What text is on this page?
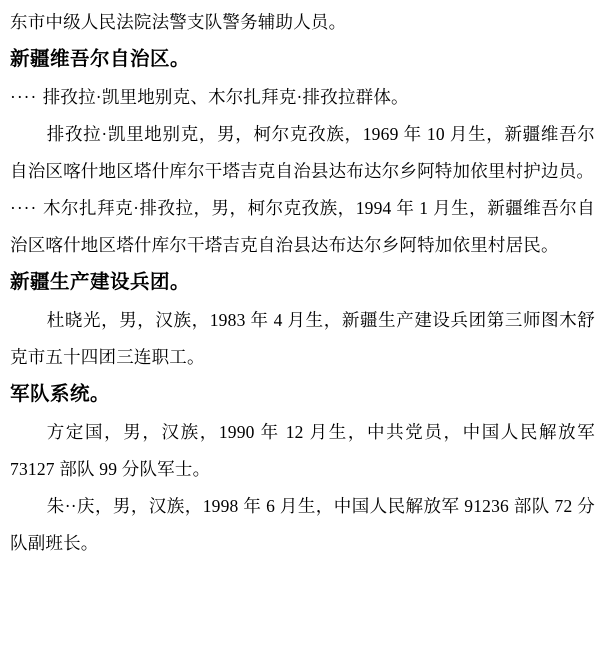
东市中级人民法院法警支队警务辅助人员。

新疆维吾尔自治区 。

···· 排孜拉·凯里地别克、木尔扎拜克·排孜拉群体。

排孜拉·凯里地别克，男，柯尔克孜族，1969 年 10 月生，新疆维吾尔自治区喀什地区塔什库尔干塔吉克自治县达布达尔乡阿特加依里村护边员。

···· 木尔扎拜克·排孜拉，男，柯尔克孜族，1994 年 1 月生，新疆维吾尔自治区喀什地区塔什库尔干塔吉克自治县达布达尔乡阿特加依里村居民。

新疆生产建设兵团 。

杜晓光，男，汉族，1983 年 4 月生，新疆生产建设兵团第三师图木舒克市五十四团三连职工。

军队系统 。

方定国，男，汉族，1990 年 12 月生，中共党员，中国人民解放军 73127 部队 99 分队军士。

朱··庆，男，汉族，1998 年 6 月生，中国人民解放军 91236 部队 72 分队副班长。
